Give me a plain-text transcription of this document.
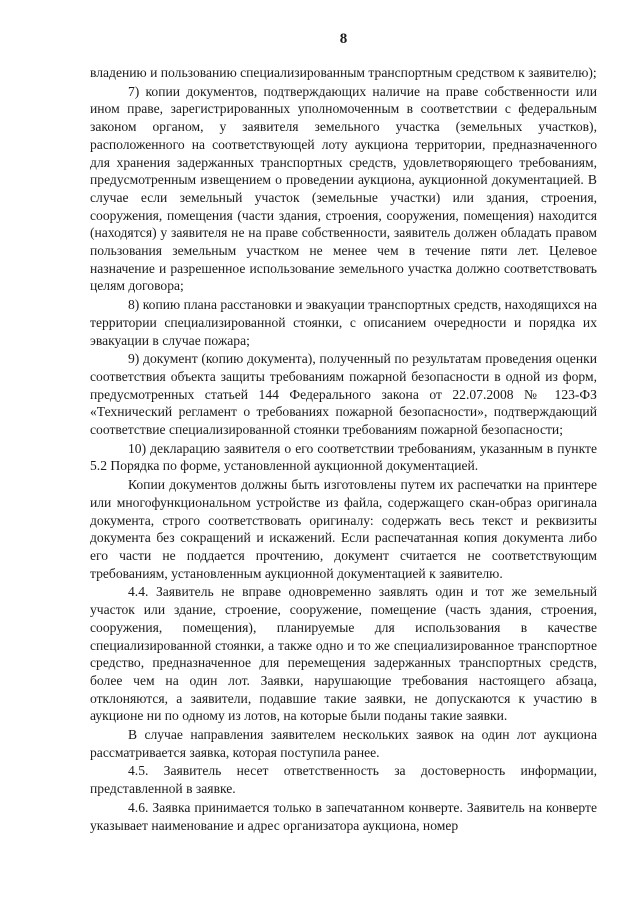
8

владению и пользованию специализированным транспортным средством к заявителю);

7) копии документов, подтверждающих наличие на праве собственности или ином праве, зарегистрированных уполномоченным в соответствии с федеральным законом органом, у заявителя земельного участка (земельных участков), расположенного на соответствующей лоту аукциона территории, предназначенного для хранения задержанных транспортных средств, удовлетворяющего требованиям, предусмотренным извещением о проведении аукциона, аукционной документацией. В случае если земельный участок (земельные участки) или здания, строения, сооружения, помещения (части здания, строения, сооружения, помещения) находится (находятся) у заявителя не на праве собственности, заявитель должен обладать правом пользования земельным участком не менее чем в течение пяти лет. Целевое назначение и разрешенное использование земельного участка должно соответствовать целям договора;

8) копию плана расстановки и эвакуации транспортных средств, находящихся на территории специализированной стоянки, с описанием очередности и порядка их эвакуации в случае пожара;

9) документ (копию документа), полученный по результатам проведения оценки соответствия объекта защиты требованиям пожарной безопасности в одной из форм, предусмотренных статьей 144 Федерального закона от 22.07.2008 № 123-ФЗ «Технический регламент о требованиях пожарной безопасности», подтверждающий соответствие специализированной стоянки требованиям пожарной безопасности;

10) декларацию заявителя о его соответствии требованиям, указанным в пункте 5.2 Порядка по форме, установленной аукционной документацией.

Копии документов должны быть изготовлены путем их распечатки на принтере или многофункциональном устройстве из файла, содержащего скан-образ оригинала документа, строго соответствовать оригиналу: содержать весь текст и реквизиты документа без сокращений и искажений. Если распечатанная копия документа либо его части не поддается прочтению, документ считается не соответствующим требованиям, установленным аукционной документацией к заявителю.

4.4. Заявитель не вправе одновременно заявлять один и тот же земельный участок или здание, строение, сооружение, помещение (часть здания, строения, сооружения, помещения), планируемые для использования в качестве специализированной стоянки, а также одно и то же специализированное транспортное средство, предназначенное для перемещения задержанных транспортных средств, более чем на один лот. Заявки, нарушающие требования настоящего абзаца, отклоняются, а заявители, подавшие такие заявки, не допускаются к участию в аукционе ни по одному из лотов, на которые были поданы такие заявки.

В случае направления заявителем нескольких заявок на один лот аукциона рассматривается заявка, которая поступила ранее.

4.5. Заявитель несет ответственность за достоверность информации, представленной в заявке.

4.6. Заявка принимается только в запечатанном конверте. Заявитель на конверте указывает наименование и адрес организатора аукциона, номер
